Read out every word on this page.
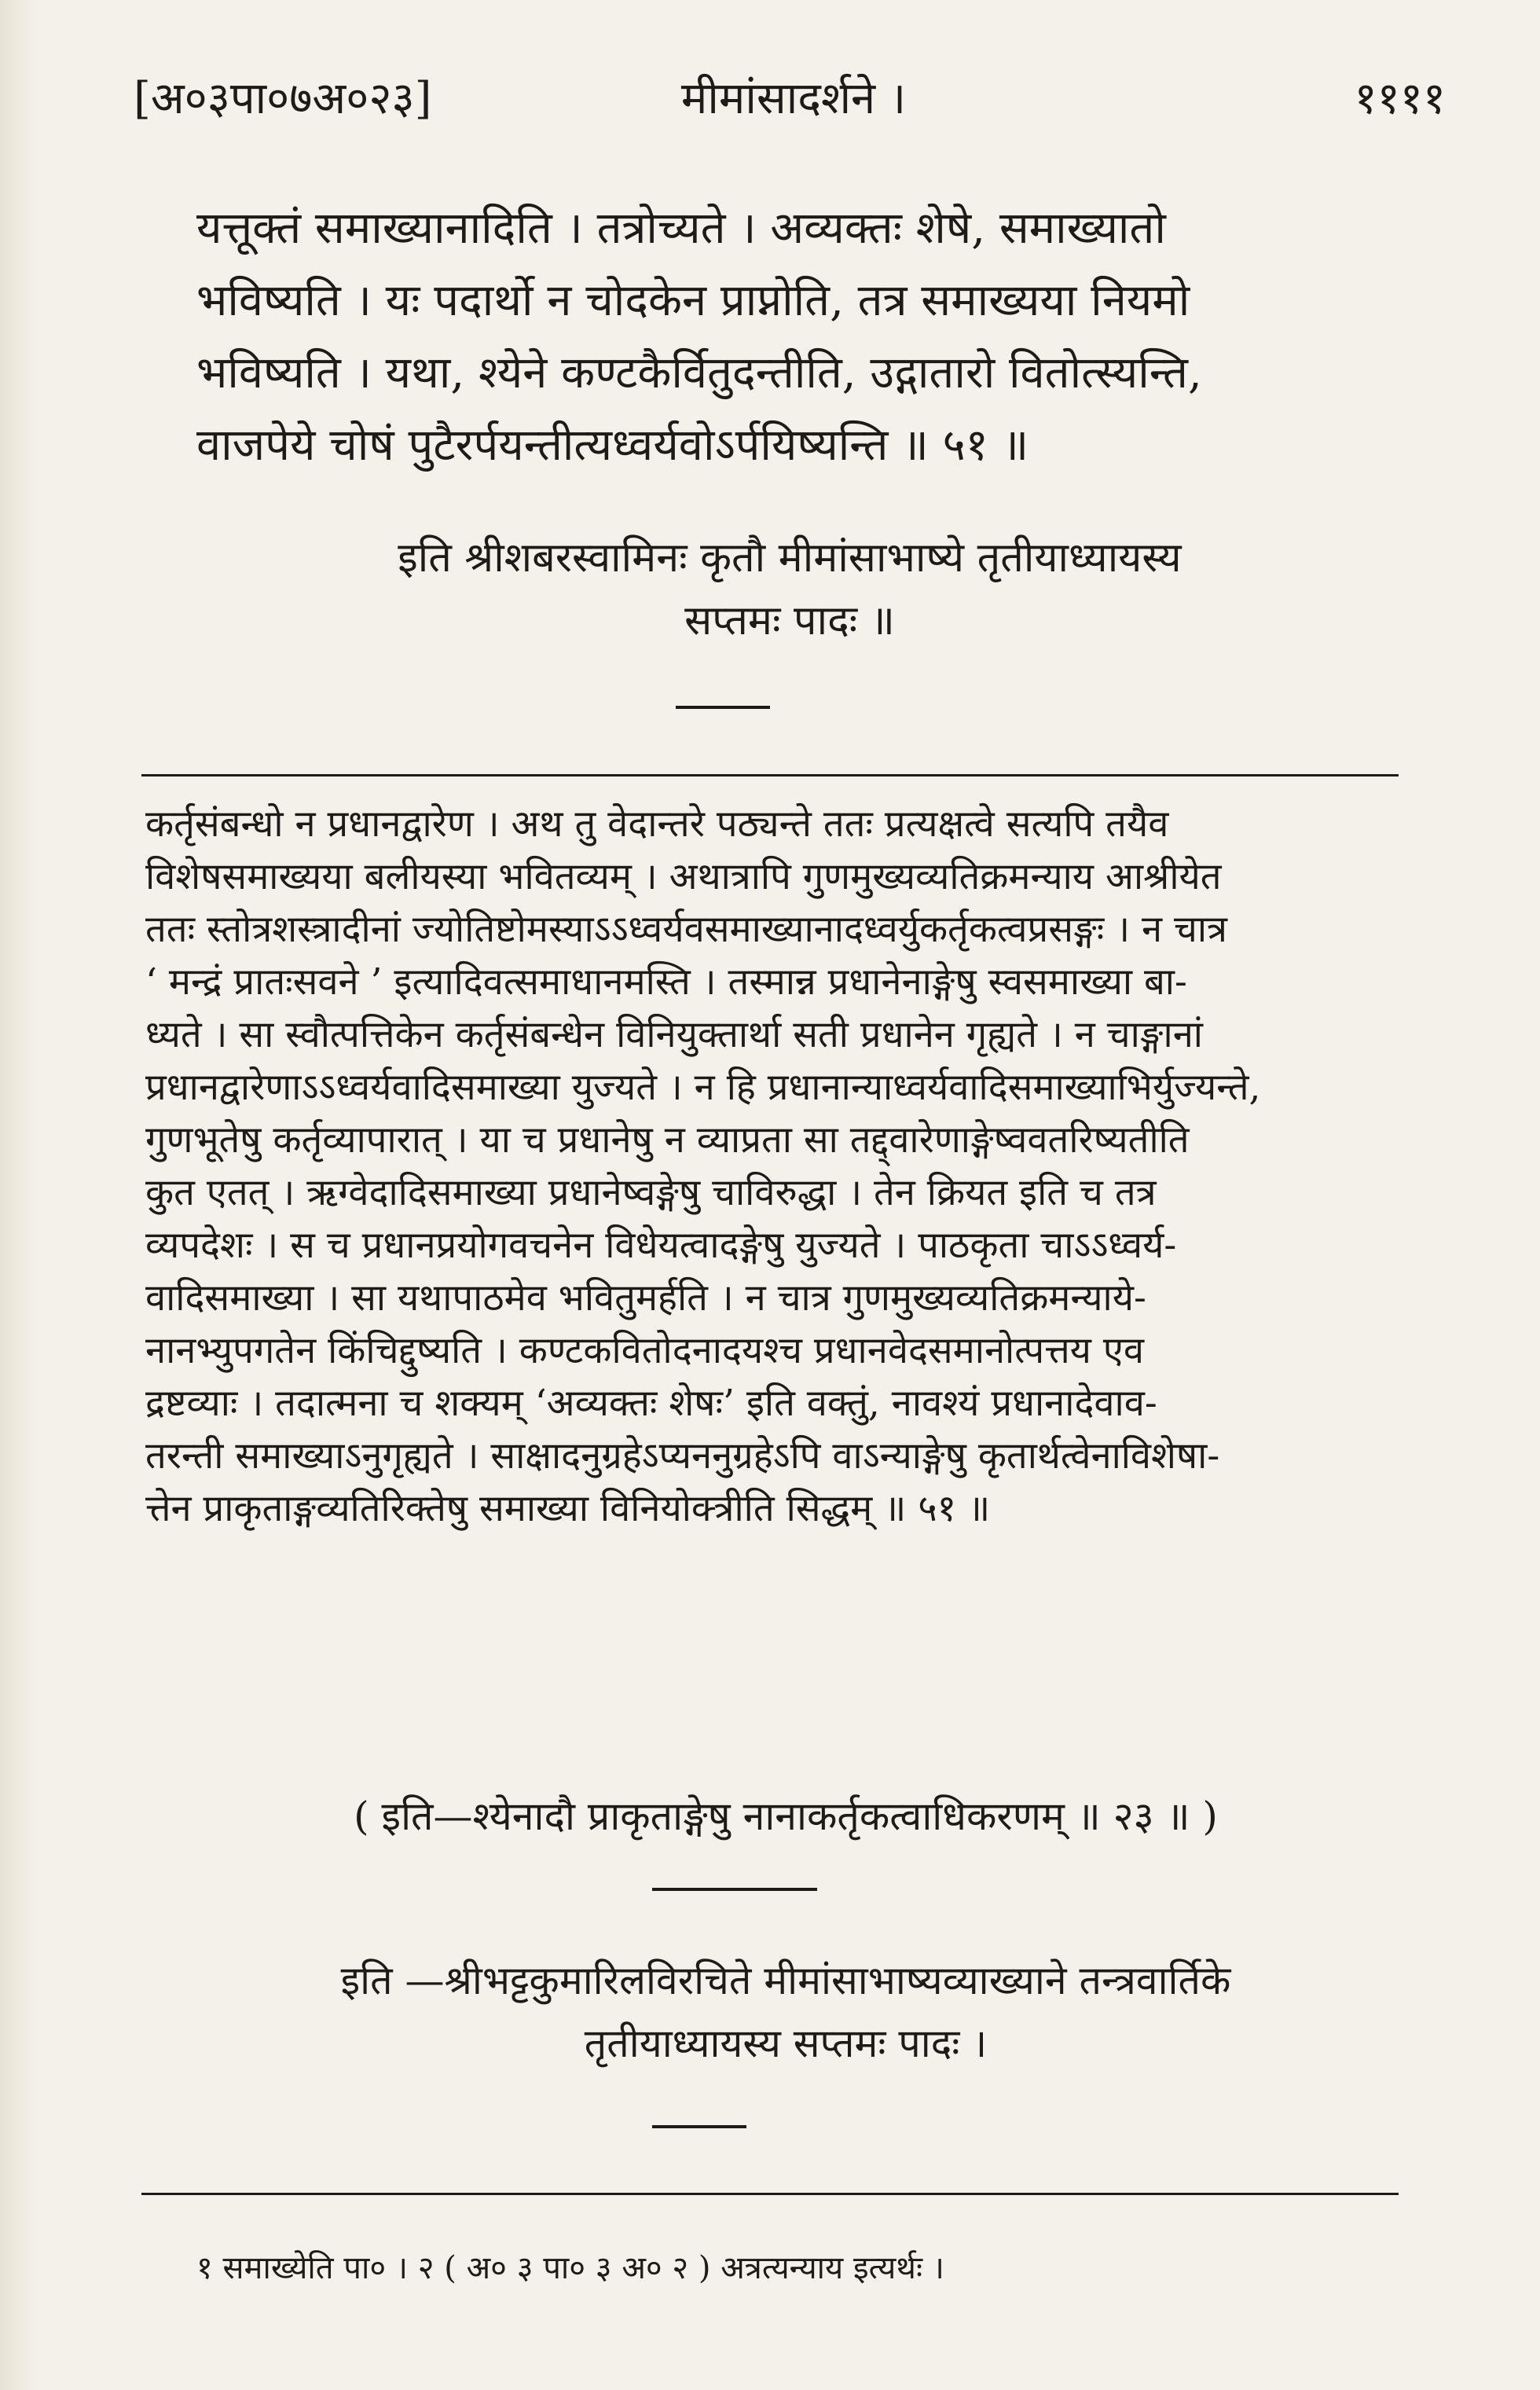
[अ०३पा०७अ०२३]	मीमांसादर्शने ।	११११

यत्तूक्तं समाख्यानादिति । तत्रोच्यते । अव्यक्तः शेषे, समाख्यातो

भविष्यति । यः पदार्थो न चोदकेन प्राप्नोति, तत्र समाख्यया नियमो

भविष्यति । यथा, श्येने कण्टकैर्वितुदन्तीति, उद्गातारो वितोत्स्यन्ति,

वाजपेये चोषं पुटैरर्पयन्तीत्यध्वर्यवोऽर्पयिष्यन्ति ॥ ५१ ॥

इति श्रीशबरस्वामिनः कृतौ मीमांसाभाष्ये तृतीयाध्यायस्य

सप्तमः पादः ॥

कर्तृसंबन्धो न प्रधानद्वारेण । अथ तु वेदान्तरे पठ्यन्ते ततः प्रत्यक्षत्वे सत्यपि तयैव

विशेषसमाख्यया बलीयस्या भवितव्यम् । अथात्रापि गुणमुख्यव्यतिक्रमन्याय आश्रीयेत

ततः स्तोत्रशस्त्रादीनां ज्योतिष्टोमस्याऽऽध्वर्यवसमाख्यानादध्वर्युकर्तृकत्वप्रसङ्गः । न चात्र

‘ मन्द्रं प्रातःसवने ’ इत्यादिवत्समाधानमस्ति । तस्मान्न प्रधानेनाङ्गेषु स्वसमाख्या बा-

ध्यते । सा स्वौत्पत्तिकेन कर्तृसंबन्धेन विनियुक्तार्था सती प्रधानेन गृह्यते । न चाङ्गानां

प्रधानद्वारेणाऽऽध्वर्यवादिसमाख्या युज्यते । न हि प्रधानान्याध्वर्यवादिसमाख्याभिर्युज्यन्ते,

गुणभूतेषु कर्तृव्यापारात् । या च प्रधानेषु न व्याप्रता सा तद्द्वारेणाङ्गेष्ववतरिष्यतीति

कुत एतत् । ऋग्वेदादिसमाख्या प्रधानेष्वङ्गेषु चाविरुद्धा । तेन क्रियत इति च तत्र

व्यपदेशः । स च प्रधानप्रयोगवचनेन विधेयत्वादङ्गेषु युज्यते । पाठकृता चाऽऽध्वर्य-

वादिसमाख्या । सा यथापाठमेव भवितुमर्हति । न चात्र गुणमुख्यव्यतिक्रमन्याये-

नानभ्युपगतेन किंचिद्दुष्यति । कण्टकवितोदनादयश्च प्रधानवेदसमानोत्पत्तय एव

द्रष्टव्याः । तदात्मना च शक्यम् ‘अव्यक्तः शेषः’ इति वक्तुं, नावश्यं प्रधानादेवाव-

तरन्ती समाख्याऽनुगृह्यते । साक्षादनुग्रहेऽप्यननुग्रहेऽपि वाऽन्याङ्गेषु कृतार्थत्वेनाविशेषा-

त्तेन प्राकृताङ्गव्यतिरिक्तेषु समाख्या विनियोक्त्रीति सिद्धम् ॥ ५१ ॥

( इति—श्येनादौ प्राकृताङ्गेषु नानाकर्तृकत्वाधिकरणम् ॥ २३ ॥ )

इति —श्रीभट्टकुमारिलविरचिते मीमांसाभाष्यव्याख्याने तन्त्रवार्तिके

तृतीयाध्यायस्य सप्तमः पादः ।

१ समाख्येति पा० । २ ( अ० ३ पा० ३ अ० २ ) अत्रत्यन्याय इत्यर्थः ।
